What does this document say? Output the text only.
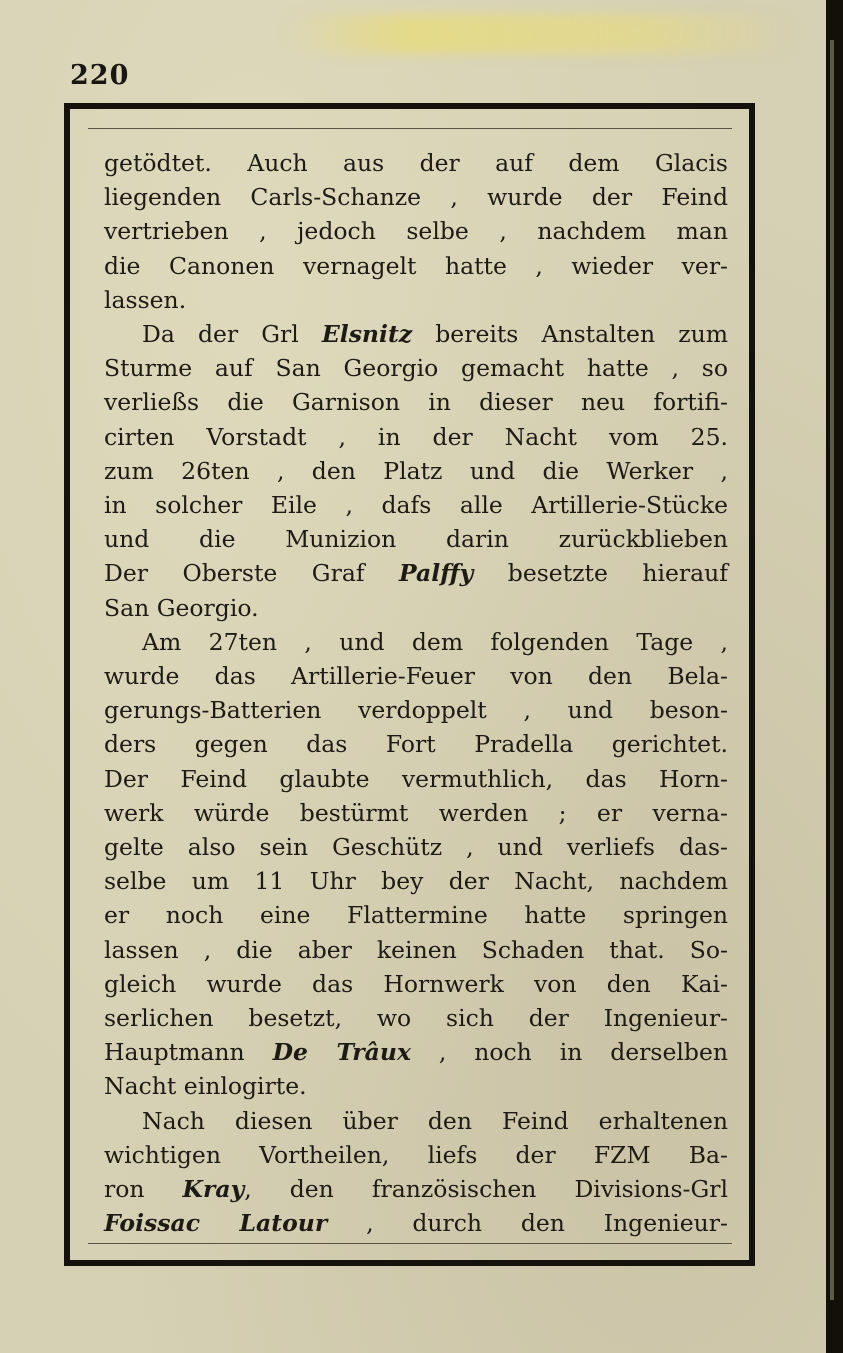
220
getödtet. Auch aus der auf dem Glacis
liegenden Carls-Schanze , wurde der Feind
vertrieben , jedoch selbe , nachdem man
die Canonen vernagelt hatte , wieder ver-
lassen.
Da der Grl Elsnitz bereits Anstalten zum
Sturme auf San Georgio gemacht hatte , so
verließs die Garnison in dieser neu fortifi-
cirten Vorstadt , in der Nacht vom 25.
zum 26ten , den Platz und die Werker ,
in solcher Eile , dafs alle Artillerie-Stücke
und die Munizion darin zurückblieben
Der Oberste Graf Palffy besetzte hierauf
San Georgio.
Am 27ten , und dem folgenden Tage ,
wurde das Artillerie-Feuer von den Bela-
gerungs-Batterien verdoppelt , und beson-
ders gegen das Fort Pradella gerichtet.
Der Feind glaubte vermuthlich, das Horn-
werk würde bestürmt werden ; er verna-
gelte also sein Geschütz , und verliefs das-
selbe um 11 Uhr bey der Nacht, nachdem
er noch eine Flattermine hatte springen
lassen , die aber keinen Schaden that. So-
gleich wurde das Hornwerk von den Kai-
serlichen besetzt, wo sich der Ingenieur-
Hauptmann De Trâux , noch in derselben
Nacht einlogirte.
Nach diesen über den Feind erhaltenen
wichtigen Vortheilen, liefs der FZM Ba-
ron Kray, den französischen Divisions-Grl
Foissac Latour , durch den Ingenieur-
